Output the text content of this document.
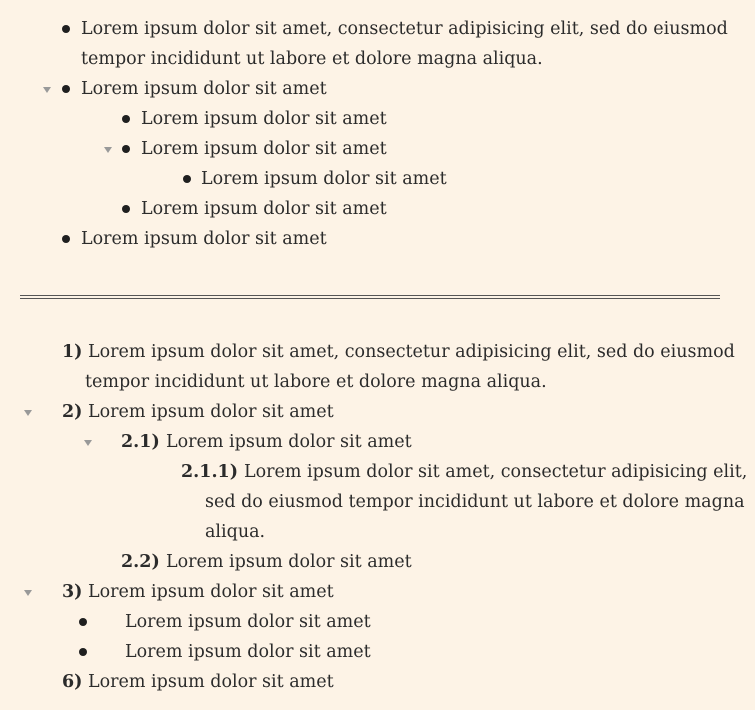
Lorem ipsum dolor sit amet, consectetur adipisicing elit, sed do eiusmod
tempor incididunt ut labore et dolore magna aliqua.
Lorem ipsum dolor sit amet
Lorem ipsum dolor sit amet
Lorem ipsum dolor sit amet
Lorem ipsum dolor sit amet
Lorem ipsum dolor sit amet
Lorem ipsum dolor sit amet
1) Lorem ipsum dolor sit amet, consectetur adipisicing elit, sed do eiusmod
tempor incididunt ut labore et dolore magna aliqua.
2) Lorem ipsum dolor sit amet
2.1) Lorem ipsum dolor sit amet
2.1.1) Lorem ipsum dolor sit amet, consectetur adipisicing elit,
sed do eiusmod tempor incididunt ut labore et dolore magna
aliqua.
2.2) Lorem ipsum dolor sit amet
3) Lorem ipsum dolor sit amet
Lorem ipsum dolor sit amet
Lorem ipsum dolor sit amet
6) Lorem ipsum dolor sit amet
